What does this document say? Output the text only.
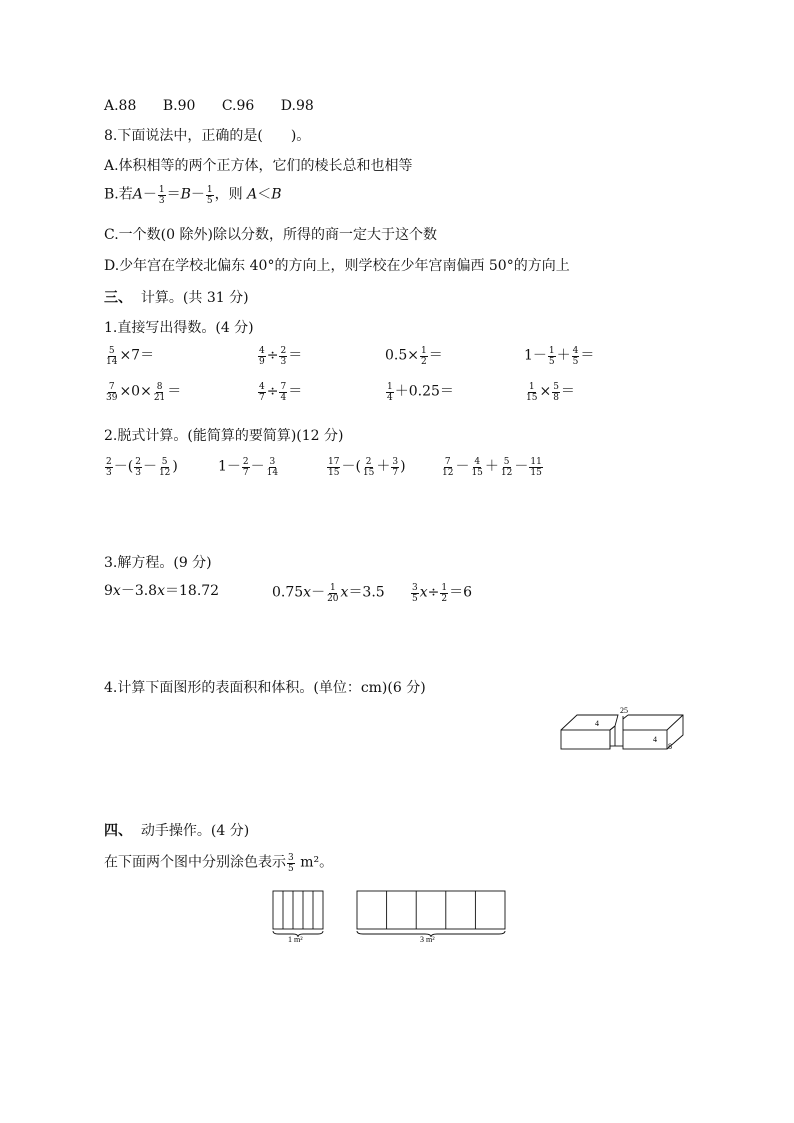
A.88 B.90 C.96 D.98
8.下面说法中，正确的是(　　)。
A.体积相等的两个正方体，它们的棱长总和也相等
B.若$A- \frac{1}{3} =B- \frac{1}{5}$ ，则 A＜B
C.一个数(0 除外)除以分数，所得的商一定大于这个数
D.少年宫在学校北偏东 40°的方向上，则学校在少年宫南偏西 50°的方向上
三、 计算。(共 31 分)
1.直接写出得数。(4 分)
$\frac{5}{14} \times 7=$	$\frac{4}{9} \div \frac{2}{3}$ ＝	$0.5\times \frac{1}{2}$ ＝	$1- \frac{1}{5} + \frac{4}{5}$ ＝
$\frac{7}{39} \times 0\times \frac{8}{21}$ ＝	$\frac{4}{7} \div \frac{7}{4}$ ＝	$\frac{1}{4} +0.25=$	$\frac{1}{15} \times \frac{5}{8}$ ＝
2.脱式计算。(能简算的要简算)(12 分)
$\frac{2}{3}$ －( $\frac{2}{3} - \frac{5}{12}$ )	$1- \frac{2}{7} - \frac{3}{14}$	$\frac{17}{15}$ －( $\frac{2}{15} + \frac{3}{7}$ )	$\frac{7}{12} - \frac{4}{15} + \frac{5}{12} - \frac{11}{15}$
3.解方程。(9 分)
9x－3.8x＝18.72	$0.75x- \frac{1}{20} x=3.5$	$\frac{3}{5} x\div \frac{1}{2} =6$
4.计算下面图形的表面积和体积。(单位：cm)(6 分)
25
4
4
8
四、 动手操作。(4 分)
在下面两个图中分别涂色表示 $\frac{3}{5} m^2$。
1 m²	3 m²
